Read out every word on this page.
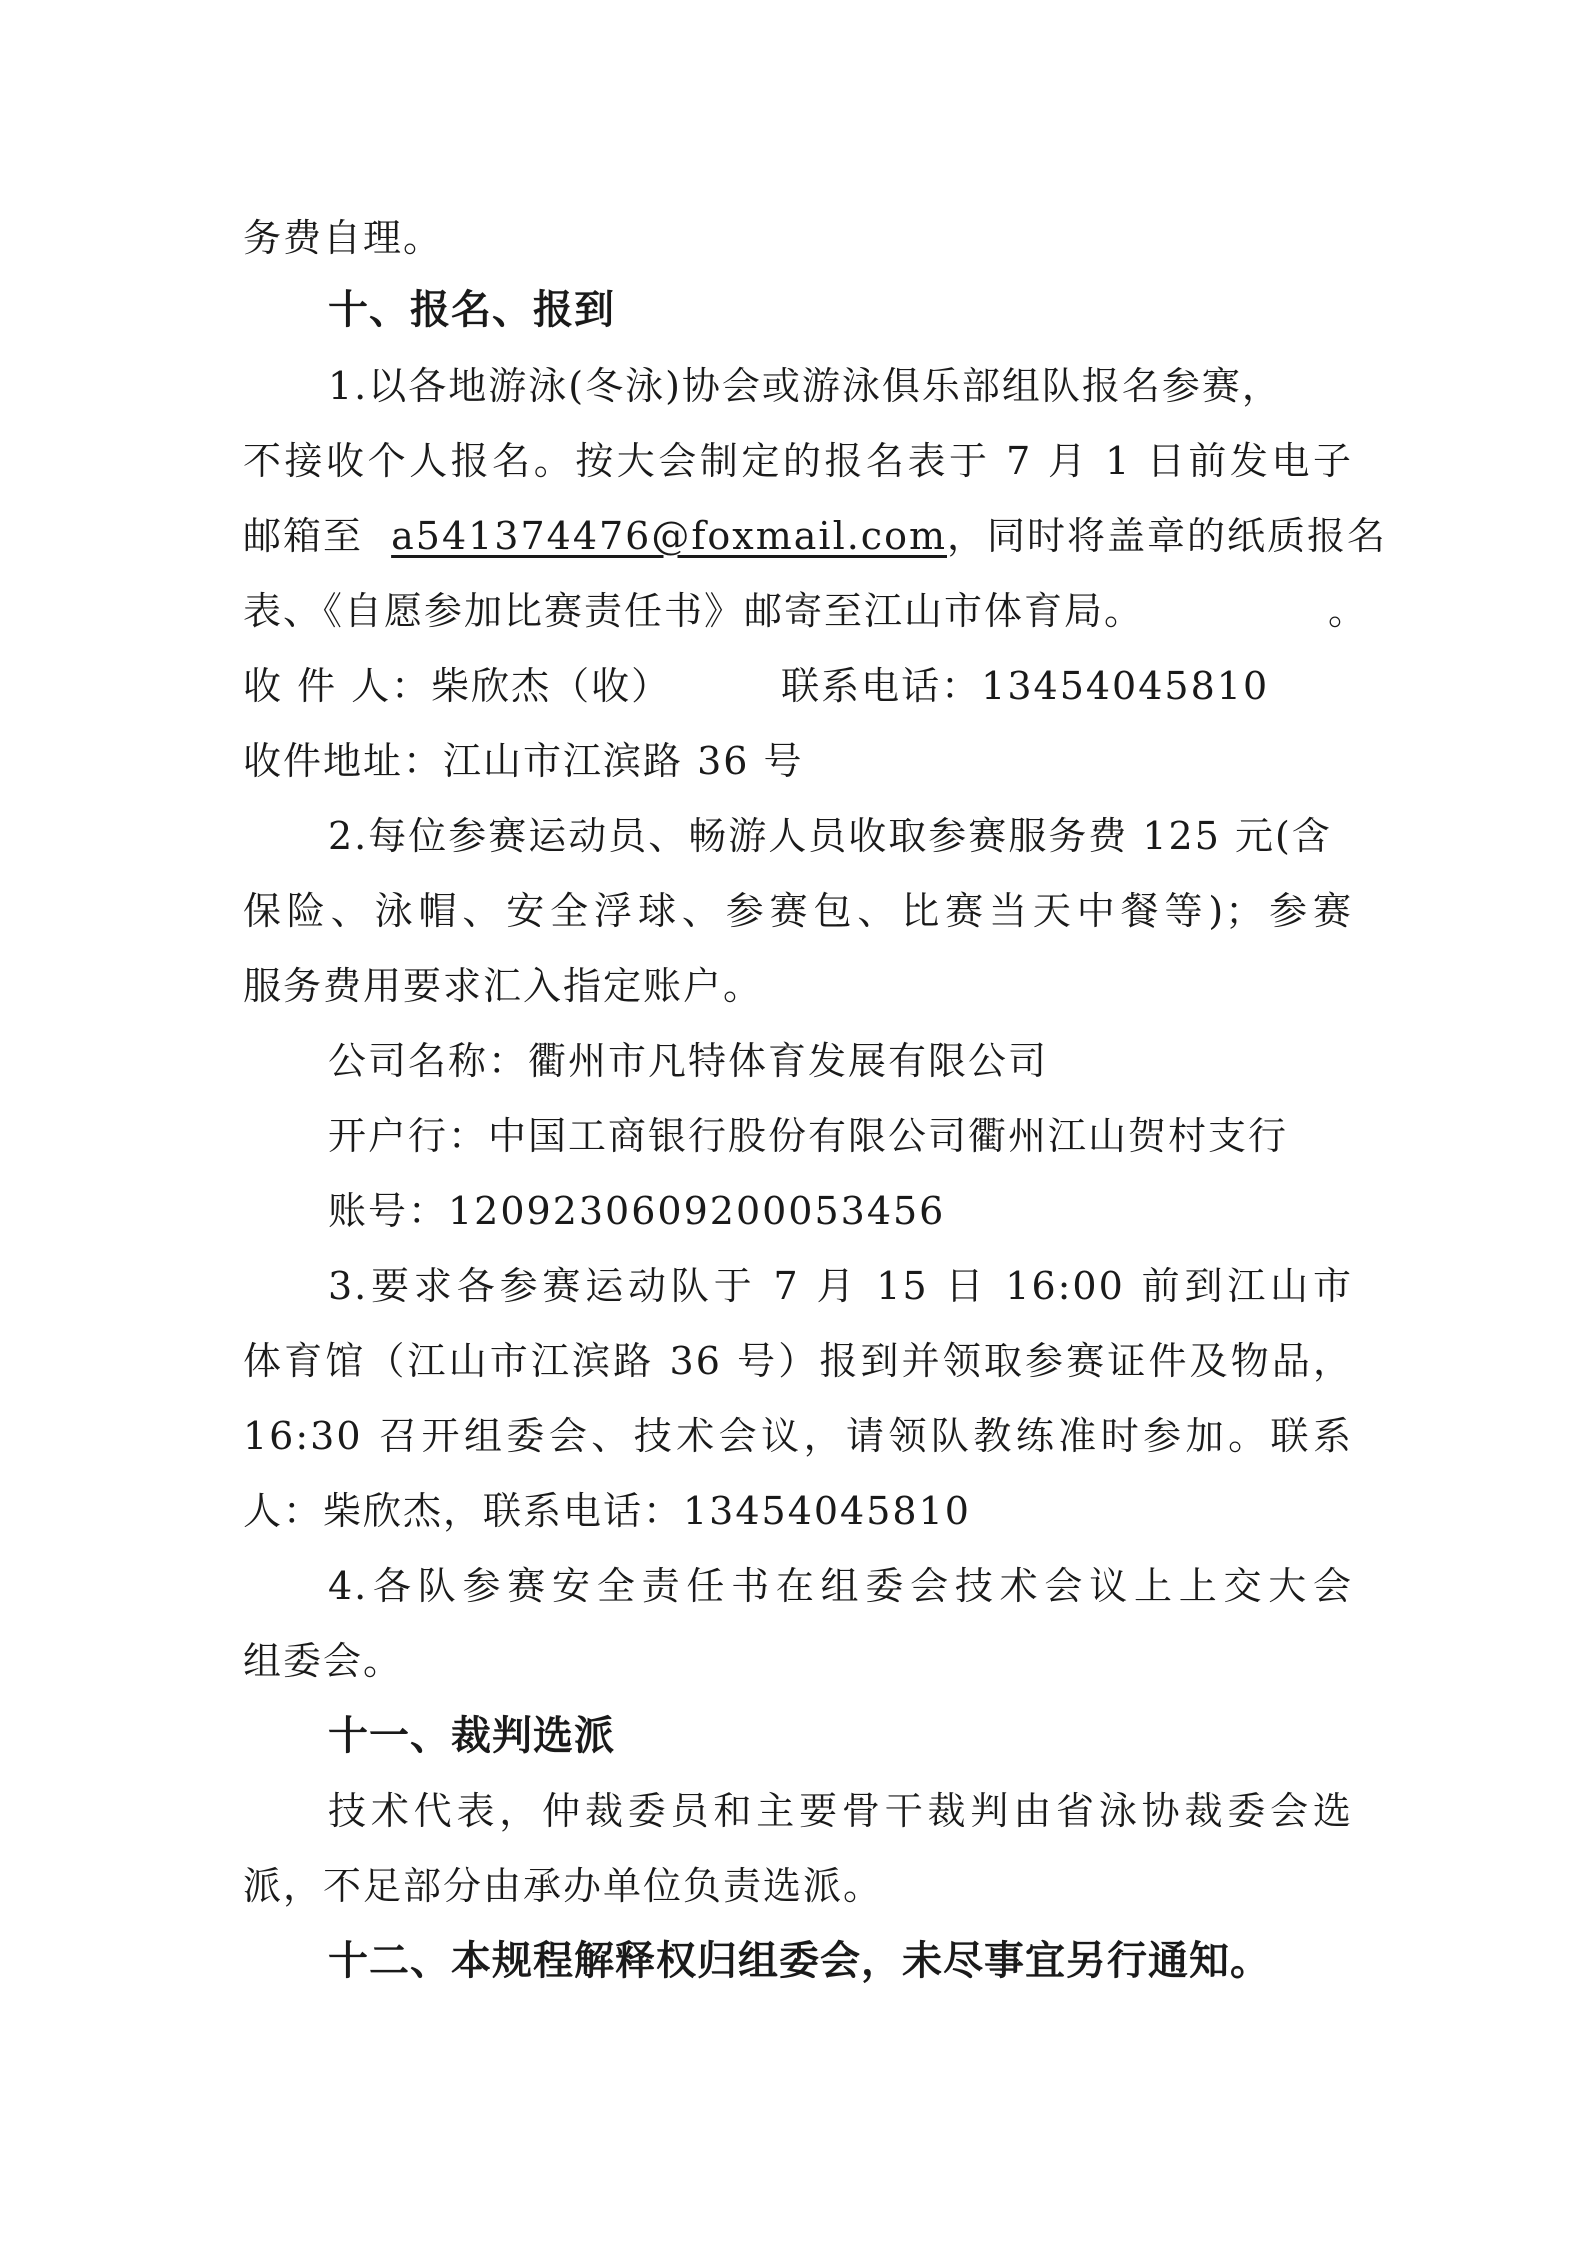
务费自理。
十、报名、报到
1.以各地游泳(冬泳)协会或游泳俱乐部组队报名参赛，
不接收个人报名。按大会制定的报名表于 7 月 1 日前发电子
邮箱至 a541374476@foxmail.com，同时将盖章的纸质报名
表、《自愿参加比赛责任书》邮寄至江山市体育局。	。
收 件 人：柴欣杰（收）	联系电话：13454045810
收件地址：江山市江滨路 36 号
2.每位参赛运动员、畅游人员收取参赛服务费 125 元(含
保险、泳帽、安全浮球、参赛包、比赛当天中餐等)；参赛
服务费用要求汇入指定账户。
公司名称：衢州市凡特体育发展有限公司
开户行：中国工商银行股份有限公司衢州江山贺村支行
账号：1209230609200053456
3.要求各参赛运动队于 7 月 15 日 16:00 前到江山市
体育馆（江山市江滨路 36 号）报到并领取参赛证件及物品，
16:30 召开组委会、技术会议，请领队教练准时参加。联系
人：柴欣杰，联系电话：13454045810
4.各队参赛安全责任书在组委会技术会议上上交大会
组委会。
十一、裁判选派
技术代表，仲裁委员和主要骨干裁判由省泳协裁委会选
派，不足部分由承办单位负责选派。
十二、本规程解释权归组委会，未尽事宜另行通知。
